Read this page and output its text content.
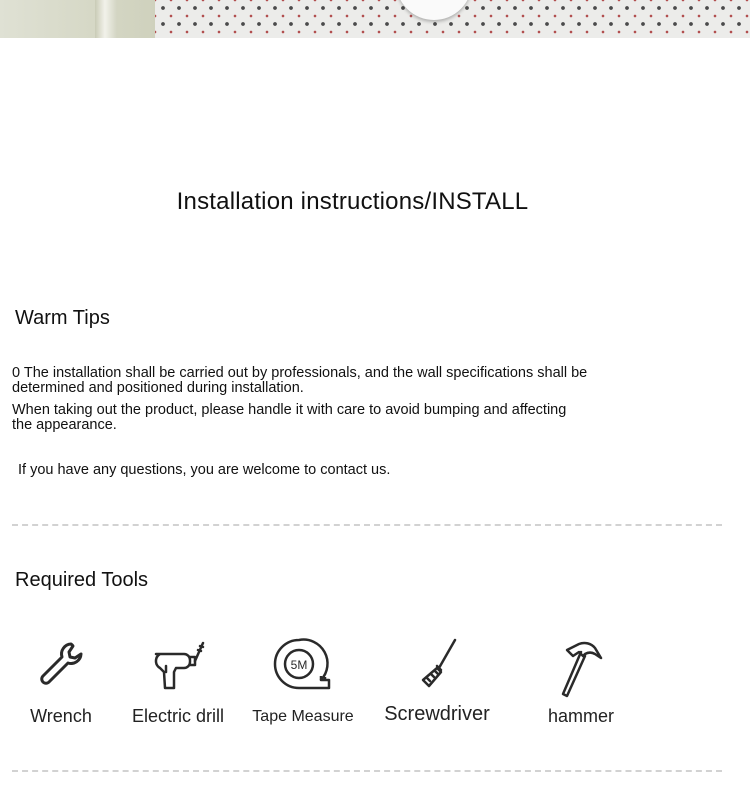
Installation instructions/INSTALL
Warm Tips
0 The installation shall be carried out by professionals, and the wall specifications shall be determined and positioned during installation.
When taking out the product, please handle it with care to avoid bumping and affecting the appearance.
If you have any questions, you are welcome to contact us.
Required Tools
Wrench	Electric drill
5M
Tape Measure	Screwdriver	hammer
